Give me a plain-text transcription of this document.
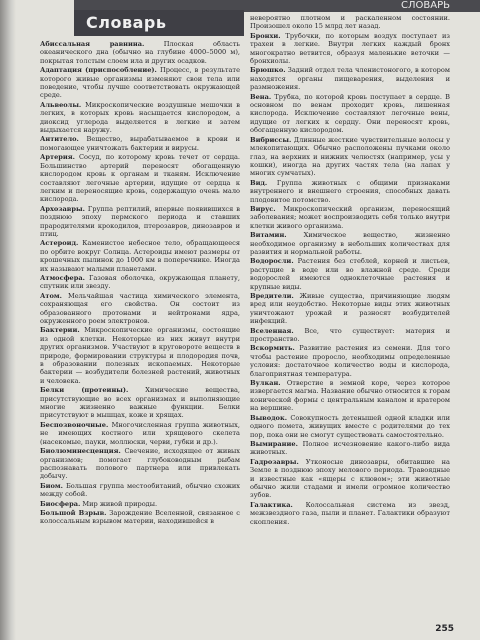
СЛОВАРЬ
Словарь

Абиссальная равнина.	Плоская область океанического дна (обычно на глубине 4000–5000 м), покрытая толстым слоем ила и других осадков.

Адаптация (приспособление). Процесс, в результате которого живые организмы изменяют свои тела или поведение, чтобы лучше соответствовать окружающей среде.

Альвеолы. Микроскопические воздушные мешочки в легких, в которых кровь насыщается кислородом, а диоксид углерода выделяется в легкие и затем выдыхается наружу.

Антитело. Вещество, вырабатываемое в крови и помогающее уничтожать бактерии и вирусы.

Артерия. Сосуд, по которому кровь течет от сердца. Большинство артерий переносят обогащенную кислородом кровь к органам и тканям. Исключение составляют легочные артерии, идущие от сердца к легким и переносящие кровь, содержащую очень мало кислорода.

Архозавры. Группа рептилий, впервые появившихся в позднюю эпоху пермского периода и ставших прародителями крокодилов, птерозавров, динозавров и птиц.

Астероид. Каменистое небесное тело, обращающееся по орбите вокруг Солнца. Астероиды имеют размеры от крошечных пылинок до 1000 км в поперечнике. Иногда их называют малыми планетами.

Атмосфера. Газовая оболочка, окружающая планету, спутник или звезду.

Атом. Мельчайшая частица химического элемента, сохраняющая его свойства. Он состоит из образованного протонами и нейтронами ядра, окруженного роем электронов.

Бактерии. Микроскопические организмы, состоящие из одной клетки. Некоторые из них живут внутри других организмов. Участвуют в круговороте веществ в природе, формировании структуры и плодородия почв, в образовании полезных ископаемых. Некоторые бактерии — возбудители болезней растений, животных и человека.

Белки (протеины).	Химические вещества, присутствующие во всех организмах и выполняющие многие жизненно важные функции. Белки присутствуют в мышцах, коже и хрящах.

Беспозвоночные. Многочисленная группа животных, не имеющих костного или хрящевого скелета (насекомые, пауки, моллюски, черви, губки и др.).

Биолюминесценция. Свечение, исходящее от живых организмов; помогает глубоководным рыбам распознавать полового партнера или привлекать добычу.

Биом. Большая группа местообитаний, обычно схожих между собой.

Биосфера. Мир живой природы.

Большой Взрыв. Зарождение Вселенной, связанное с колоссальным взрывом материи, находившейся в

невероятно плотном и раскаленном состоянии. Произошел около 15 млрд лет назад.

Бронхи. Трубочки, по которым воздух поступает из трахеи в легкие. Внутри легких каждый бронх многократно ветвится, образуя маленькие веточки — бронхиолы.

Брюшко. Задний отдел тела членистоногого, в котором находятся органы пищеварения, выделения и размножения.

Вена. Трубка, по которой кровь поступает в сердце. В основном по венам проходит кровь, лишенная кислорода. Исключение составляют легочные вены, идущие от легких к сердцу. Они переносят кровь, обогащенную кислородом.

Вибриссы. Длинные жесткие чувствительные волосы у млекопитающих. Обычно расположены пучками около глаз, на верхних и нижних челюстях (например, усы у кошки), иногда на других частях тела (на лапах у многих сумчатых).

Вид. Группа животных с общими признаками внутреннего и внешнего строения, способных давать плодовитое потомство.

Вирус. Микроскопический организм, переносящий заболевания; может воспроизводить себя только внутри клетки живого организма.

Витамин.	Химическое вещество, жизненно необходимое организму в небольших количествах для развития и нормальной работы.

Водоросли. Растения без стеблей, корней и листьев, растущие в воде или во влажной среде. Среди водорослей имеются одноклеточные растения и крупные виды.

Вредители. Живые существа, причиняющие людям вред или неудобство. Некоторые виды этих животных уничтожают урожай и разносят возбудителей инфекций.

Вселенная. Все, что существует: материя и пространство.

Вскормить. Развитие растения из семени. Для того чтобы растение проросло, необходимы определенные условия: достаточное количество воды и кислорода, благоприятная температура.

Вулкан. Отверстие в земной коре, через которое извергается магма. Название обычно относится к горам конической формы с центральным каналом и кратером на вершине.

Выводок. Совокупность детенышей одной кладки или одного помета, живущих вместе с родителями до тех пор, пока они не смогут существовать самостоятельно.

Вымирание. Полное исчезновение какого-либо вида животных.

Гадрозавры. Утконосые динозавры, обитавшие на Земле в позднюю эпоху мелового периода. Травоядные и известные как «ящеры с клювом»; эти животные обычно жили стадами и имели огромное количество зубов.

Галактика. Колоссальная система из звезд, межзвездного газа, пыли и планет. Галактики образуют скопления.

255
